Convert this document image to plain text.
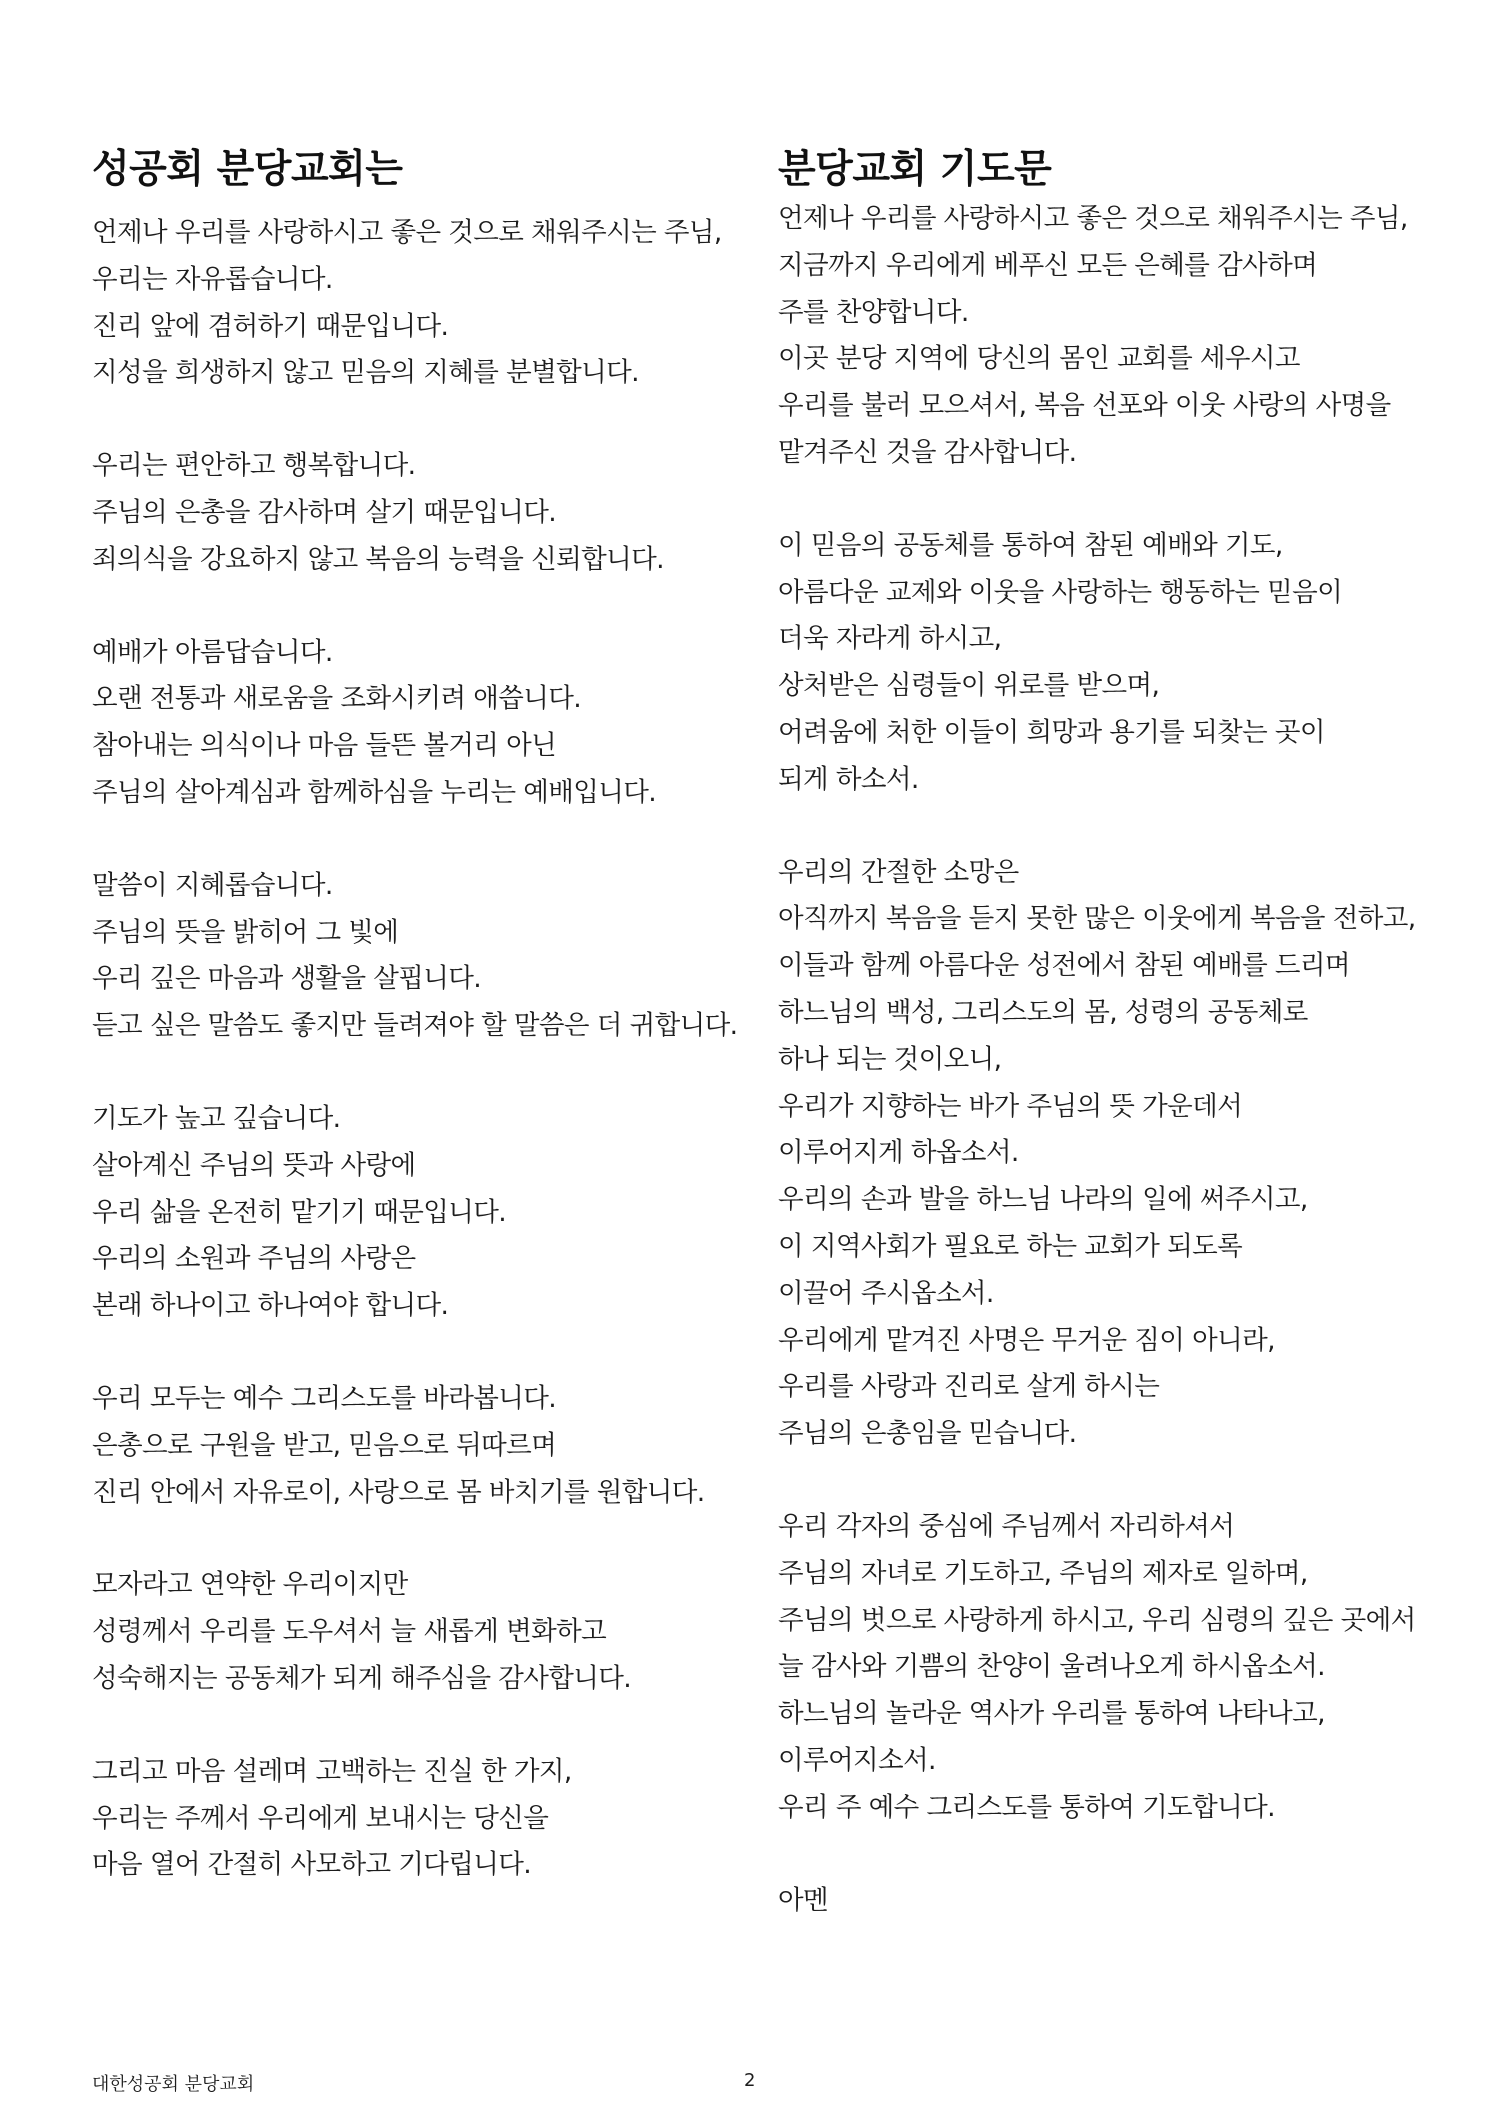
성공회 분당교회는
언제나 우리를 사랑하시고 좋은 것으로 채워주시는 주님,
우리는 자유롭습니다.
진리 앞에 겸허하기 때문입니다.
지성을 희생하지 않고 믿음의 지혜를 분별합니다.
우리는 편안하고 행복합니다.
주님의 은총을 감사하며 살기 때문입니다.
죄의식을 강요하지 않고 복음의 능력을 신뢰합니다.
예배가 아름답습니다.
오랜 전통과 새로움을 조화시키려 애씁니다.
참아내는 의식이나 마음 들뜬 볼거리 아닌
주님의 살아계심과 함께하심을 누리는 예배입니다.
말씀이 지혜롭습니다.
주님의 뜻을 밝히어 그 빛에
우리 깊은 마음과 생활을 살핍니다.
듣고 싶은 말씀도 좋지만 들려져야 할 말씀은 더 귀합니다.
기도가 높고 깊습니다.
살아계신 주님의 뜻과 사랑에
우리 삶을 온전히 맡기기 때문입니다.
우리의 소원과 주님의 사랑은
본래 하나이고 하나여야 합니다.
우리 모두는 예수 그리스도를 바라봅니다.
은총으로 구원을 받고, 믿음으로 뒤따르며
진리 안에서 자유로이, 사랑으로 몸 바치기를 원합니다.
모자라고 연약한 우리이지만
성령께서 우리를 도우셔서 늘 새롭게 변화하고
성숙해지는 공동체가 되게 해주심을 감사합니다.
그리고 마음 설레며 고백하는 진실 한 가지,
우리는 주께서 우리에게 보내시는 당신을
마음 열어 간절히 사모하고 기다립니다.
분당교회 기도문
언제나 우리를 사랑하시고 좋은 것으로 채워주시는 주님,
지금까지 우리에게 베푸신 모든 은혜를 감사하며
주를 찬양합니다.
이곳 분당 지역에 당신의 몸인 교회를 세우시고
우리를 불러 모으셔서, 복음 선포와 이웃 사랑의 사명을
맡겨주신 것을 감사합니다.
이 믿음의 공동체를 통하여 참된 예배와 기도,
아름다운 교제와 이웃을 사랑하는 행동하는 믿음이
더욱 자라게 하시고,
상처받은 심령들이 위로를 받으며,
어려움에 처한 이들이 희망과 용기를 되찾는 곳이
되게 하소서.
우리의 간절한 소망은
아직까지 복음을 듣지 못한 많은 이웃에게 복음을 전하고,
이들과 함께 아름다운 성전에서 참된 예배를 드리며
하느님의 백성, 그리스도의 몸, 성령의 공동체로
하나 되는 것이오니,
우리가 지향하는 바가 주님의 뜻 가운데서
이루어지게 하옵소서.
우리의 손과 발을 하느님 나라의 일에 써주시고,
이 지역사회가 필요로 하는 교회가 되도록
이끌어 주시옵소서.
우리에게 맡겨진 사명은 무거운 짐이 아니라,
우리를 사랑과 진리로 살게 하시는
주님의 은총임을 믿습니다.
우리 각자의 중심에 주님께서 자리하셔서
주님의 자녀로 기도하고, 주님의 제자로 일하며,
주님의 벗으로 사랑하게 하시고, 우리 심령의 깊은 곳에서
늘 감사와 기쁨의 찬양이 울려나오게 하시옵소서.
하느님의 놀라운 역사가 우리를 통하여 나타나고,
이루어지소서.
우리 주 예수 그리스도를 통하여 기도합니다.
아멘
대한성공회 분당교회	2
